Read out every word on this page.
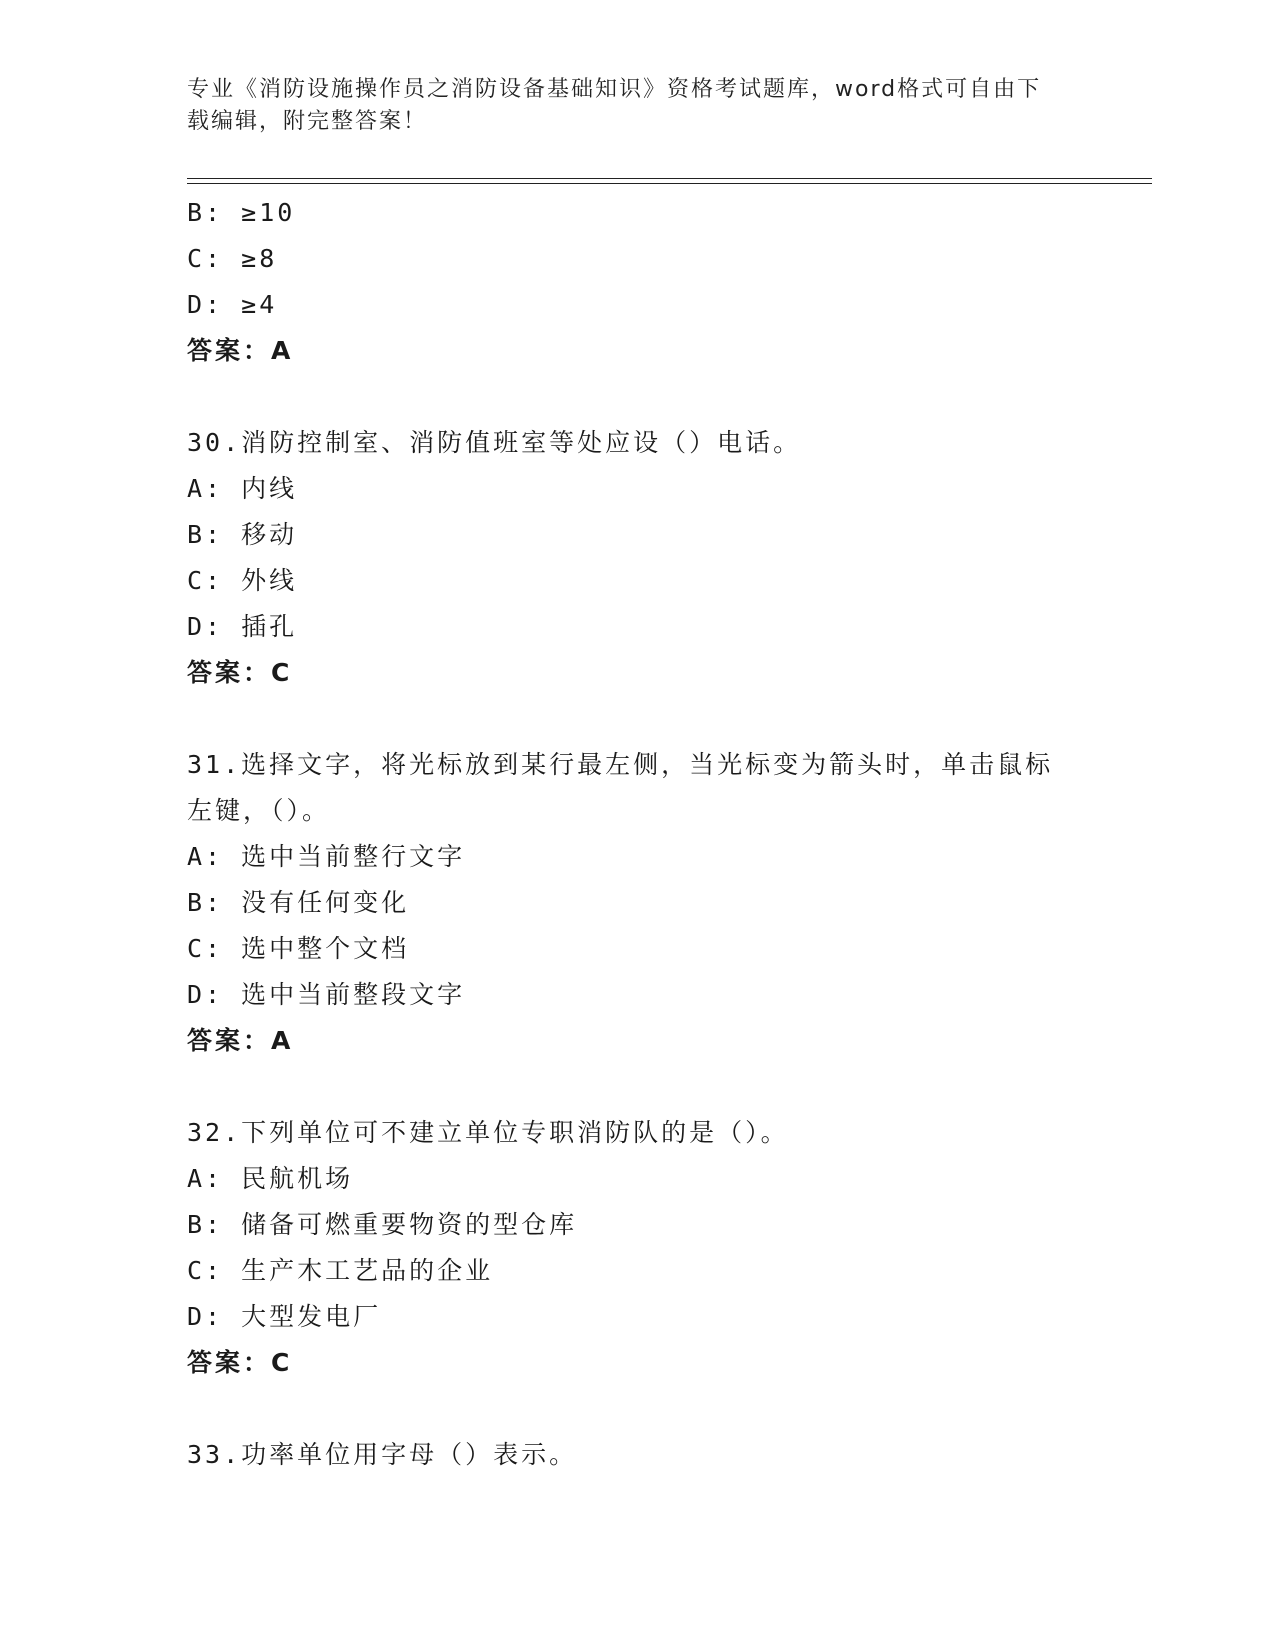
专业《消防设施操作员之消防设备基础知识》资格考试题库，word格式可自由下
载编辑，附完整答案！
B: ≥10
C: ≥8
D: ≥4
答案：A
30.消防控制室、消防值班室等处应设（）电话。
A: 内线
B: 移动
C: 外线
D: 插孔
答案：C
31.选择文字，将光标放到某行最左侧，当光标变为箭头时，单击鼠标
左键，（）。
A: 选中当前整行文字
B: 没有任何变化
C: 选中整个文档
D: 选中当前整段文字
答案：A
32.下列单位可不建立单位专职消防队的是（）。
A: 民航机场
B: 储备可燃重要物资的型仓库
C: 生产木工艺品的企业
D: 大型发电厂
答案：C
33.功率单位用字母（）表示。
